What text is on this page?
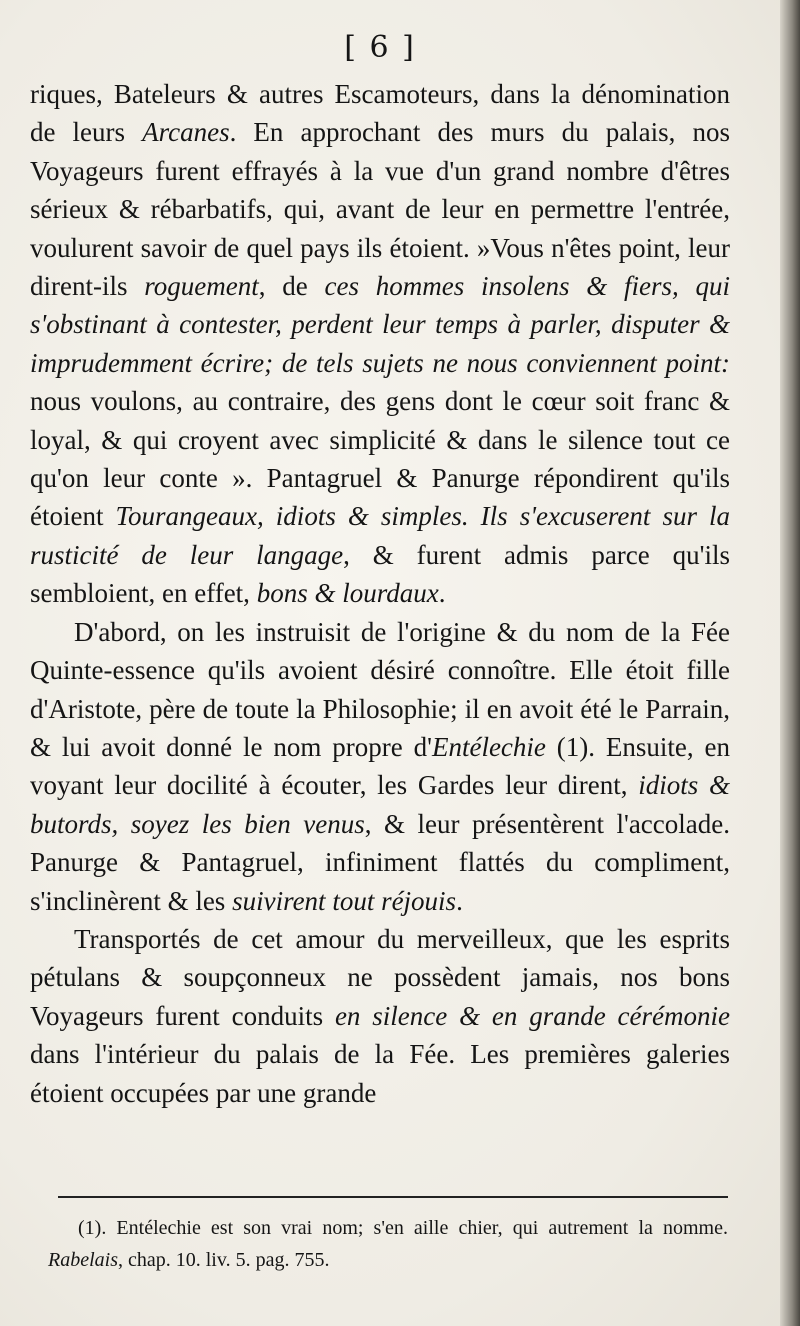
[ 6 ]

riques, Bateleurs & autres Escamoteurs, dans la dénomination de leurs Arcanes. En approchant des murs du palais, nos Voyageurs furent effrayés à la vue d'un grand nombre d'êtres sérieux & rébarbatifs, qui, avant de leur en permettre l'entrée, voulurent savoir de quel pays ils étoient. »Vous n'êtes point, leur dirent-ils roguement, de ces hommes insolens & fiers, qui s'obstinant à contester, perdent leur temps à parler, disputer & imprudemment écrire; de tels sujets ne nous conviennent point: nous voulons, au contraire, des gens dont le cœur soit franc & loyal, & qui croyent avec simplicité & dans le silence tout ce qu'on leur conte ». Pantagruel & Panurge répondirent qu'ils étoient Tourangeaux, idiots & simples. Ils s'excuserent sur la rusticité de leur langage, & furent admis parce qu'ils sembloient, en effet, bons & lourdaux.

D'abord, on les instruisit de l'origine & du nom de la Fée Quinte-essence qu'ils avoient désiré connoître. Elle étoit fille d'Aristote, père de toute la Philosophie; il en avoit été le Parrain, & lui avoit donné le nom propre d'Entélechie (1). Ensuite, en voyant leur docilité à écouter, les Gardes leur dirent, idiots & butords, soyez les bien venus, & leur présentèrent l'accolade. Panurge & Pantagruel, infiniment flattés du compliment, s'inclinèrent & les suivirent tout réjouis.

Transportés de cet amour du merveilleux, que les esprits pétulans & soupçonneux ne possèdent jamais, nos bons Voyageurs furent conduits en silence & en grande cérémonie dans l'intérieur du palais de la Fée. Les premières galeries étoient occupées par une grande

(1). Entélechie est son vrai nom; s'en aille chier, qui autrement la nomme. Rabelais, chap. 10. liv. 5. pag. 755.
